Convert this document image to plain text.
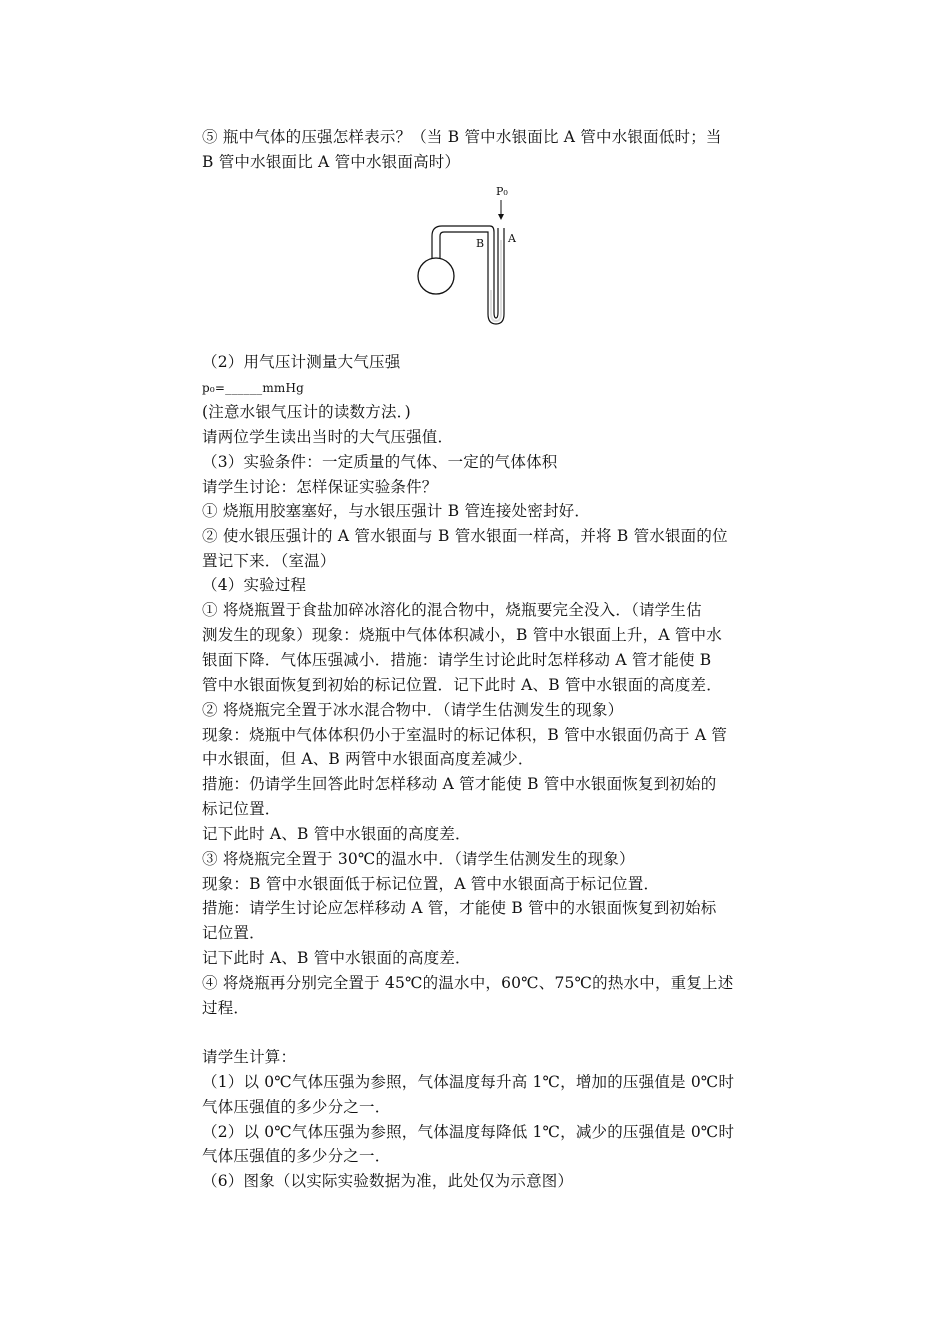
⑤ 瓶中气体的压强怎样表示？（当 B 管中水银面比 A 管中水银面低时；当
B 管中水银面比 A 管中水银面高时）
P₀
A
B
（2）用气压计测量大气压强
p₀=______mmHg
(注意水银气压计的读数方法．)
请两位学生读出当时的大气压强值．
（3）实验条件：一定质量的气体、一定的气体体积
请学生讨论：怎样保证实验条件？
① 烧瓶用胶塞塞好，与水银压强计 B 管连接处密封好．
② 使水银压强计的 A 管水银面与 B 管水银面一样高，并将 B 管水银面的位
置记下来．（室温）
（4）实验过程
① 将烧瓶置于食盐加碎冰溶化的混合物中，烧瓶要完全没入．（请学生估
测发生的现象）现象：烧瓶中气体体积减小，B 管中水银面上升，A 管中水
银面下降．气体压强减小．措施：请学生讨论此时怎样移动 A 管才能使 B
管中水银面恢复到初始的标记位置．记下此时 A、B 管中水银面的高度差．
② 将烧瓶完全置于冰水混合物中．（请学生估测发生的现象）
现象：烧瓶中气体体积仍小于室温时的标记体积，B 管中水银面仍高于 A 管
中水银面，但 A、B 两管中水银面高度差减少．
措施：仍请学生回答此时怎样移动 A 管才能使 B 管中水银面恢复到初始的
标记位置．
记下此时 A、B 管中水银面的高度差．
③ 将烧瓶完全置于 30℃的温水中．（请学生估测发生的现象）
现象：B 管中水银面低于标记位置，A 管中水银面高于标记位置．
措施：请学生讨论应怎样移动 A 管，才能使 B 管中的水银面恢复到初始标
记位置．
记下此时 A、B 管中水银面的高度差．
④ 将烧瓶再分别完全置于 45℃的温水中，60℃、75℃的热水中，重复上述
过程．
请学生计算：
（1）以 0℃气体压强为参照，气体温度每升高 1℃，增加的压强值是 0℃时
气体压强值的多少分之一．
（2）以 0℃气体压强为参照，气体温度每降低 1℃，减少的压强值是 0℃时
气体压强值的多少分之一．
（6）图象（以实际实验数据为准，此处仅为示意图）
